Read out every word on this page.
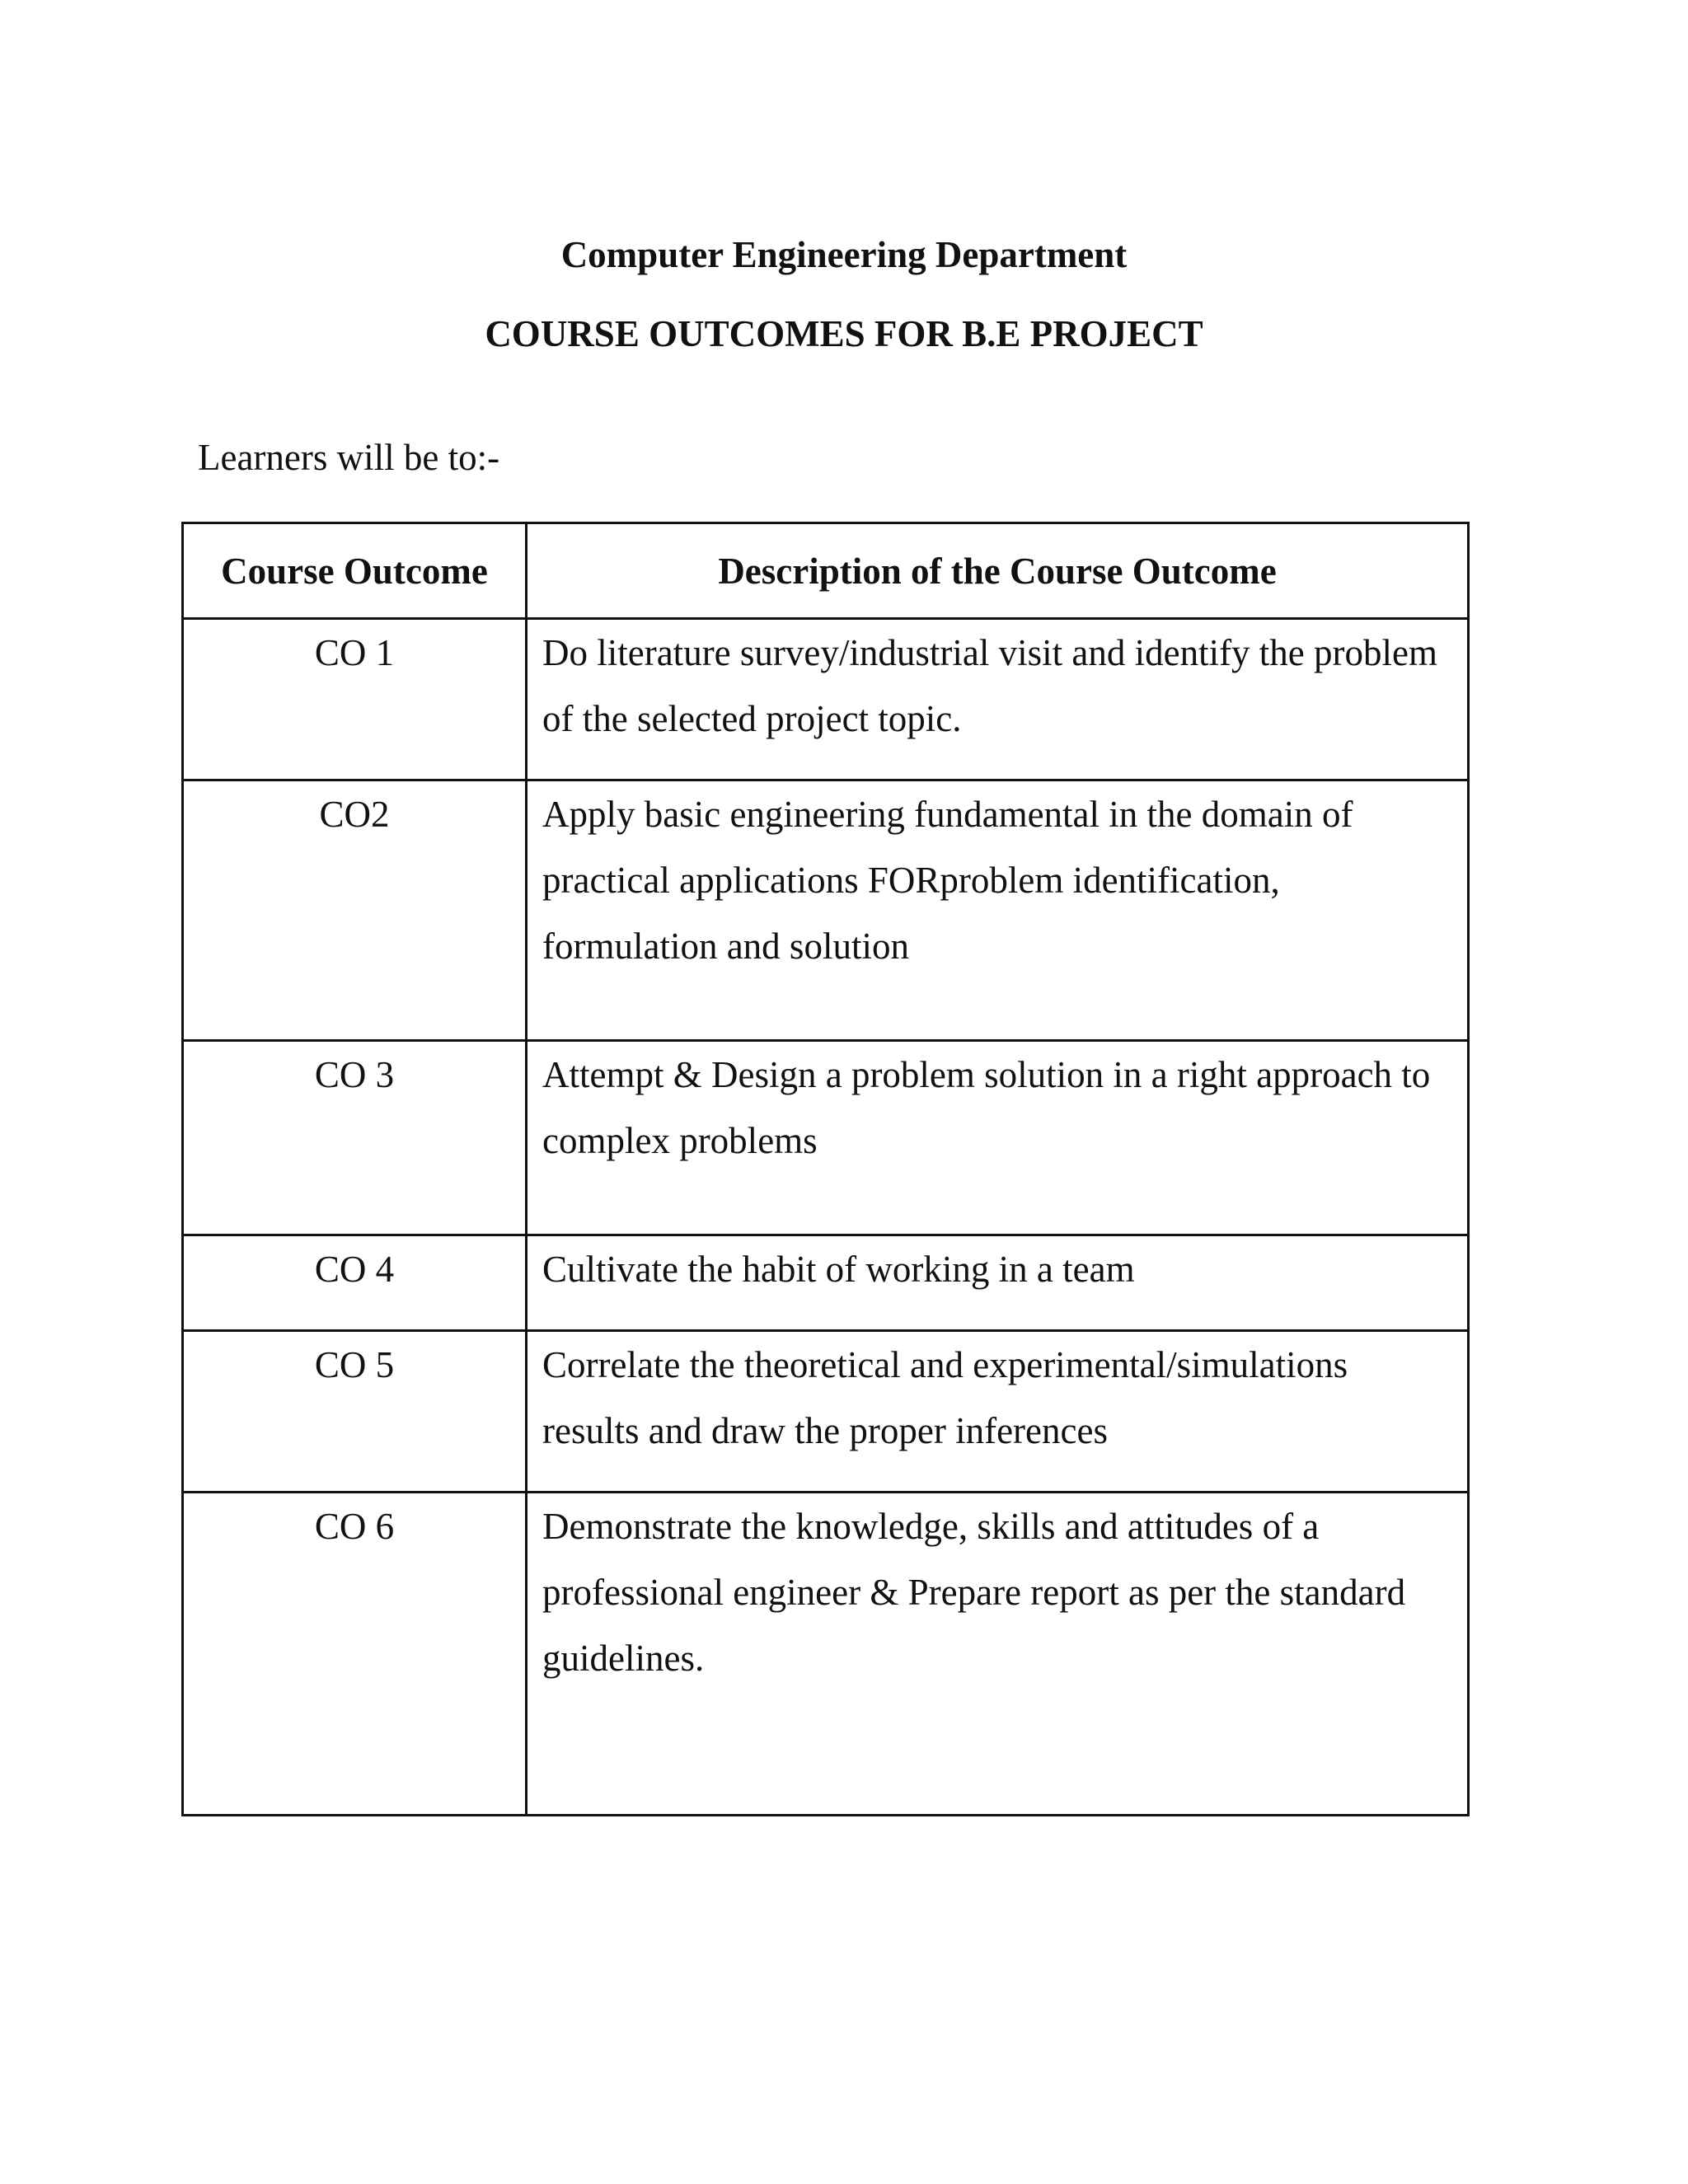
Computer Engineering Department

COURSE OUTCOMES FOR B.E PROJECT

Learners will be to:-

Course Outcome	Description of the Course Outcome
CO 1	Do literature survey/industrial visit and identify the problem of the selected project topic.
CO2	Apply basic engineering fundamental in the domain of practical applications FORproblem identification, formulation and solution
CO 3	Attempt & Design a problem solution in a right approach to complex problems
CO 4	Cultivate the habit of working in a team
CO 5	Correlate the theoretical and experimental/simulations results and draw the proper inferences
CO 6	Demonstrate the knowledge, skills and attitudes of a professional engineer & Prepare report as per the standard guidelines.
